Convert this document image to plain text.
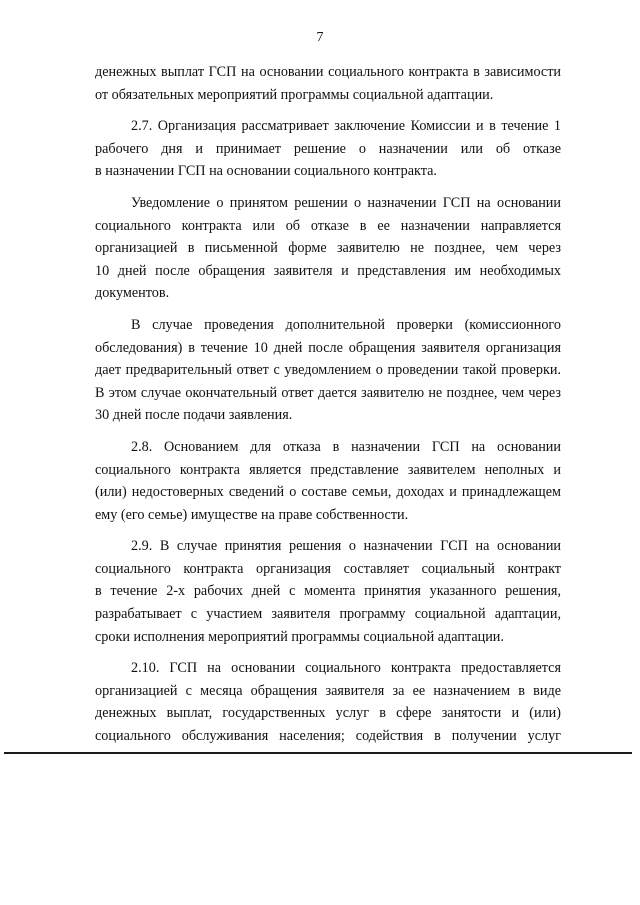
7

денежных выплат ГСП на основании социального контракта в зависимости
от обязательных мероприятий программы социальной адаптации.

2.7. Организация рассматривает заключение Комиссии и в течение 1
рабочего дня и принимает решение о назначении или об отказе
в назначении ГСП на основании социального контракта.

Уведомление о принятом решении о назначении ГСП на основании
социального контракта или об отказе в ее назначении направляется
организацией в письменной форме заявителю не позднее, чем через
10 дней после обращения заявителя и представления им необходимых
документов.

В случае проведения дополнительной проверки (комиссионного
обследования) в течение 10 дней после обращения заявителя организация
дает предварительный ответ с уведомлением о проведении такой проверки.
В этом случае окончательный ответ дается заявителю не позднее, чем через
30 дней после подачи заявления.

2.8. Основанием для отказа в назначении ГСП на основании
социального контракта является представление заявителем неполных и
(или) недостоверных сведений о составе семьи, доходах и принадлежащем
ему (его семье) имуществе на праве собственности.

2.9. В случае принятия решения о назначении ГСП на основании
социального контракта организация составляет социальный контракт
в течение 2-х рабочих дней с момента принятия указанного решения,
разрабатывает с участием заявителя программу социальной адаптации,
сроки исполнения мероприятий программы социальной адаптации.

2.10. ГСП на основании социального контракта предоставляется
организацией с месяца обращения заявителя за ее назначением в виде
денежных выплат, государственных услуг в сфере занятости и (или)
социального обслуживания населения; содействия в получении услуг
